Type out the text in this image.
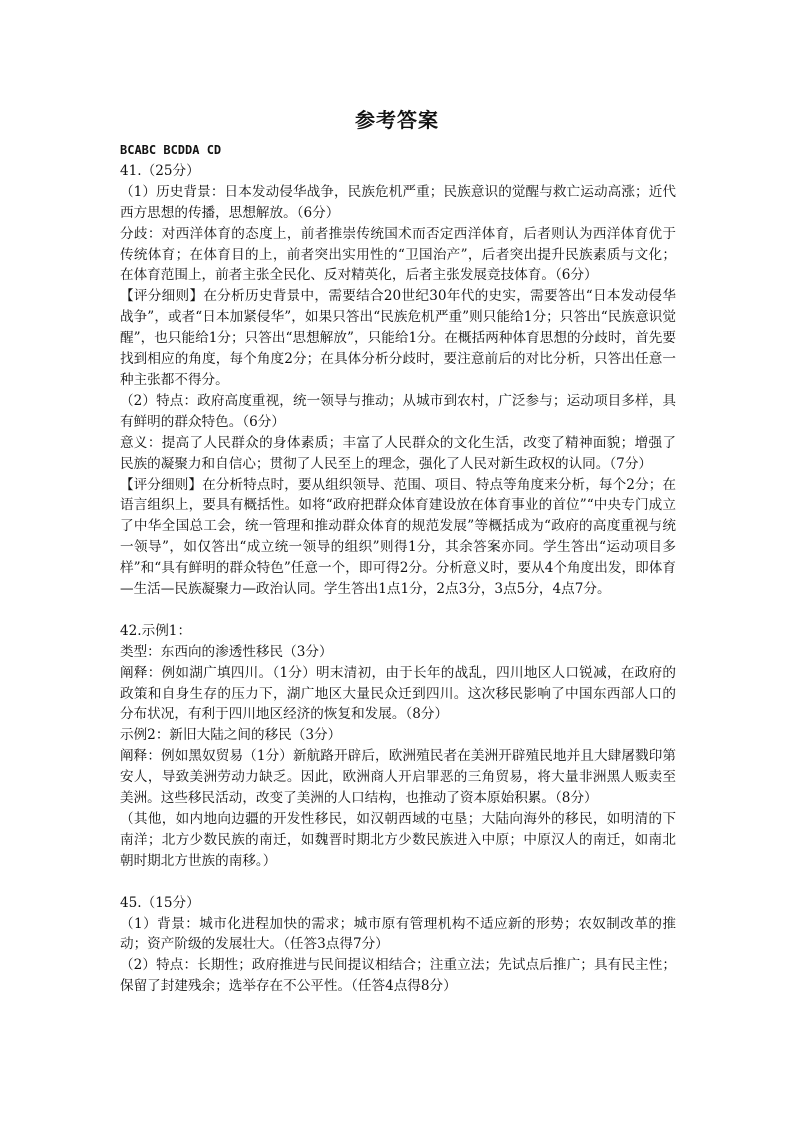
参考答案

BCABC BCDDA CD

41.（25分）

（1）历史背景：日本发动侵华战争，民族危机严重；民族意识的觉醒与救亡运动高涨；近代西方思想的传播，思想解放。（6分）

分歧：对西洋体育的态度上，前者推崇传统国术而否定西洋体育，后者则认为西洋体育优于传统体育；在体育目的上，前者突出实用性的“卫国治产”，后者突出提升民族素质与文化；在体育范围上，前者主张全民化、反对精英化，后者主张发展竞技体育。（6分）

【评分细则】在分析历史背景中，需要结合20世纪30年代的史实，需要答出“日本发动侵华战争”，或者“日本加紧侵华”，如果只答出“民族危机严重”则只能给1分；只答出“民族意识觉醒”，也只能给1分；只答出“思想解放”，只能给1分。在概括两种体育思想的分歧时，首先要找到相应的角度，每个角度2分；在具体分析分歧时，要注意前后的对比分析，只答出任意一种主张都不得分。

（2）特点：政府高度重视，统一领导与推动；从城市到农村，广泛参与；运动项目多样，具有鲜明的群众特色。（6分）

意义：提高了人民群众的身体素质；丰富了人民群众的文化生活，改变了精神面貌；增强了民族的凝聚力和自信心；贯彻了人民至上的理念，强化了人民对新生政权的认同。（7分）

【评分细则】在分析特点时，要从组织领导、范围、项目、特点等角度来分析，每个2分；在语言组织上，要具有概括性。如将“政府把群众体育建设放在体育事业的首位”“中央专门成立了中华全国总工会，统一管理和推动群众体育的规范发展”等概括成为“政府的高度重视与统一领导”，如仅答出“成立统一领导的组织”则得1分，其余答案亦同。学生答出“运动项目多样”和“具有鲜明的群众特色”任意一个，即可得2分。分析意义时，要从4个角度出发，即体育—生活—民族凝聚力—政治认同。学生答出1点1分，2点3分，3点5分，4点7分。

42.示例1：

类型：东西向的渗透性移民（3分）

阐释：例如湖广填四川。（1分）明末清初，由于长年的战乱，四川地区人口锐减，在政府的政策和自身生存的压力下，湖广地区大量民众迁到四川。这次移民影响了中国东西部人口的分布状况，有利于四川地区经济的恢复和发展。（8分）

示例2：新旧大陆之间的移民（3分）

阐释：例如黑奴贸易（1分）新航路开辟后，欧洲殖民者在美洲开辟殖民地并且大肆屠戮印第安人，导致美洲劳动力缺乏。因此，欧洲商人开启罪恶的三角贸易，将大量非洲黑人贩卖至美洲。这些移民活动，改变了美洲的人口结构，也推动了资本原始积累。（8分）

（其他，如内地向边疆的开发性移民，如汉朝西域的屯垦；大陆向海外的移民，如明清的下南洋；北方少数民族的南迁，如魏晋时期北方少数民族进入中原；中原汉人的南迁，如南北朝时期北方世族的南移。）

45.（15分）

（1）背景：城市化进程加快的需求；城市原有管理机构不适应新的形势；农奴制改革的推动；资产阶级的发展壮大。（任答3点得7分）

（2）特点：长期性；政府推进与民间提议相结合；注重立法；先试点后推广；具有民主性；保留了封建残余；选举存在不公平性。（任答4点得8分）
